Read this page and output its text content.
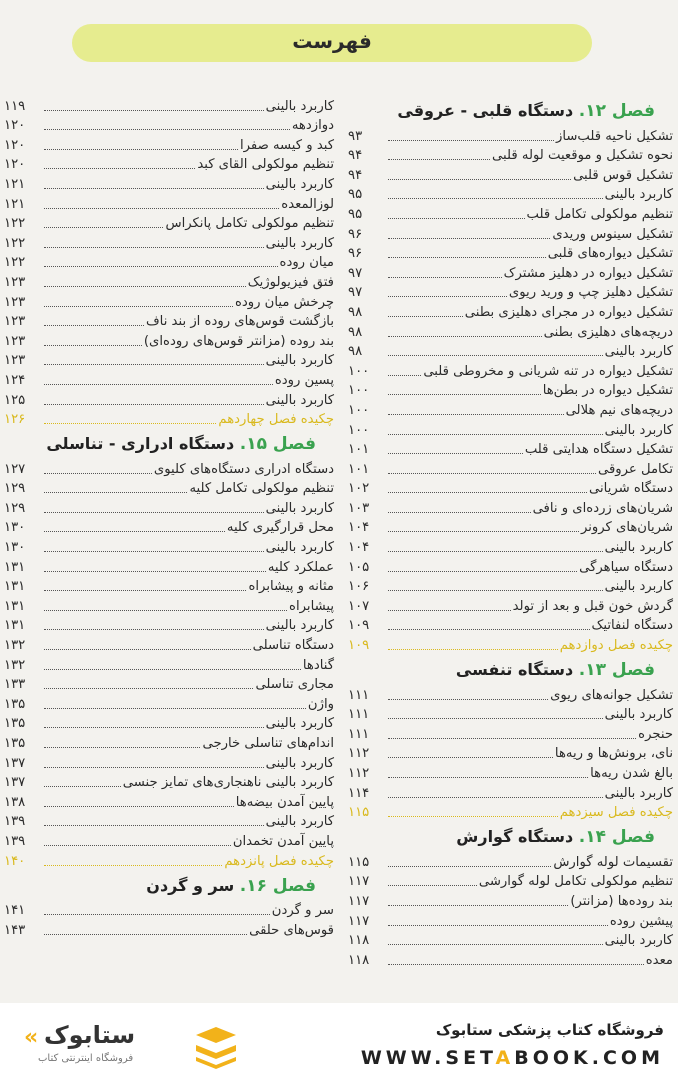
فهرست
فصل ۱۲. دستگاه قلبی - عروقی
۹۳	تشکیل ناحیه قلب‌ساز
۹۴	نحوه تشکیل و موقعیت لوله قلبی
۹۴	تشکیل قوس قلبی
۹۵	کاربرد بالینی
۹۵	تنظیم مولکولی تکامل قلب
۹۶	تشکیل سینوس وریدی
۹۶	تشکیل دیواره‌های قلبی
۹۷	تشکیل دیواره در دهلیز مشترک
۹۷	تشکیل دهلیز چپ و ورید ریوی
۹۸	تشکیل دیواره در مجرای دهلیزی بطنی
۹۸	دریچه‌های دهلیزی بطنی
۹۸	کاربرد بالینی
۱۰۰	تشکیل دیواره در تنه شریانی و مخروطی قلبی
۱۰۰	تشکیل دیواره در بطن‌ها
۱۰۰	دریچه‌های نیم هلالی
۱۰۰	کاربرد بالینی
۱۰۱	تشکیل دستگاه هدایتی قلب
۱۰۱	تکامل عروقی
۱۰۲	دستگاه شریانی
۱۰۳	شریان‌های زرده‌ای و نافی
۱۰۴	شریان‌های کرونر
۱۰۴	کاربرد بالینی
۱۰۵	دستگاه سیاهرگی
۱۰۶	کاربرد بالینی
۱۰۷	گردش خون قبل و بعد از تولد
۱۰۹	دستگاه لنفاتیک
۱۰۹	چکیده فصل دوازدهم
فصل ۱۳. دستگاه تنفسی
۱۱۱	تشکیل جوانه‌های ریوی
۱۱۱	کاربرد بالینی
۱۱۱	حنجره
۱۱۲	نای، برونش‌ها و ریه‌ها
۱۱۲	بالغ شدن ریه‌ها
۱۱۴	کاربرد بالینی
۱۱۵	چکیده فصل سیزدهم
فصل ۱۴. دستگاه گوارش
۱۱۵	تقسیمات لوله گوارش
۱۱۷	تنظیم مولکولی تکامل لوله گوارشی
۱۱۷	بند روده‌ها (مزانتر)
۱۱۷	پیشین روده
۱۱۸	کاربرد بالینی
۱۱۸	معده
۱۱۹	کاربرد بالینی
۱۲۰	دوازدهه
۱۲۰	کبد و کیسه صفرا
۱۲۰	تنظیم مولکولی القای کبد
۱۲۱	کاربرد بالینی
۱۲۱	لوزالمعده
۱۲۲	تنظیم مولکولی تکامل پانکراس
۱۲۲	کاربرد بالینی
۱۲۲	میان روده
۱۲۳	فتق فیزیولوژیک
۱۲۳	چرخش میان روده
۱۲۳	بازگشت قوس‌های روده از بند ناف
۱۲۳	بند روده (مزانتر قوس‌های روده‌ای)
۱۲۳	کاربرد بالینی
۱۲۴	پسین روده
۱۲۵	کاربرد بالینی
۱۲۶	چکیده فصل چهاردهم
فصل ۱۵. دستگاه ادراری - تناسلی
۱۲۷	دستگاه ادراری دستگاه‌های کلیوی
۱۲۹	تنظیم مولکولی تکامل کلیه
۱۲۹	کاربرد بالینی
۱۳۰	محل قرارگیری کلیه
۱۳۰	کاربرد بالینی
۱۳۱	عملکرد کلیه
۱۳۱	مثانه و پیشابراه
۱۳۱	پیشابراه
۱۳۱	کاربرد بالینی
۱۳۲	دستگاه تناسلی
۱۳۲	گنادها
۱۳۳	مجاری تناسلی
۱۳۵	واژن
۱۳۵	کاربرد بالینی
۱۳۵	اندام‌های تناسلی خارجی
۱۳۷	کاربرد بالینی
۱۳۷	کاربرد بالینی ناهنجاری‌های تمایز جنسی
۱۳۸	پایین آمدن بیضه‌ها
۱۳۹	کاربرد بالینی
۱۳۹	پایین آمدن تخمدان
۱۴۰	چکیده فصل پانزدهم
فصل ۱۶. سر و گردن
۱۴۱	سر و گردن
۱۴۳	قوس‌های حلقی
« ستابوک
فروشگاه اینترنتی کتاب
فروشگاه کتاب پزشکی ستابوک
WWW.SETABOOK.COM
